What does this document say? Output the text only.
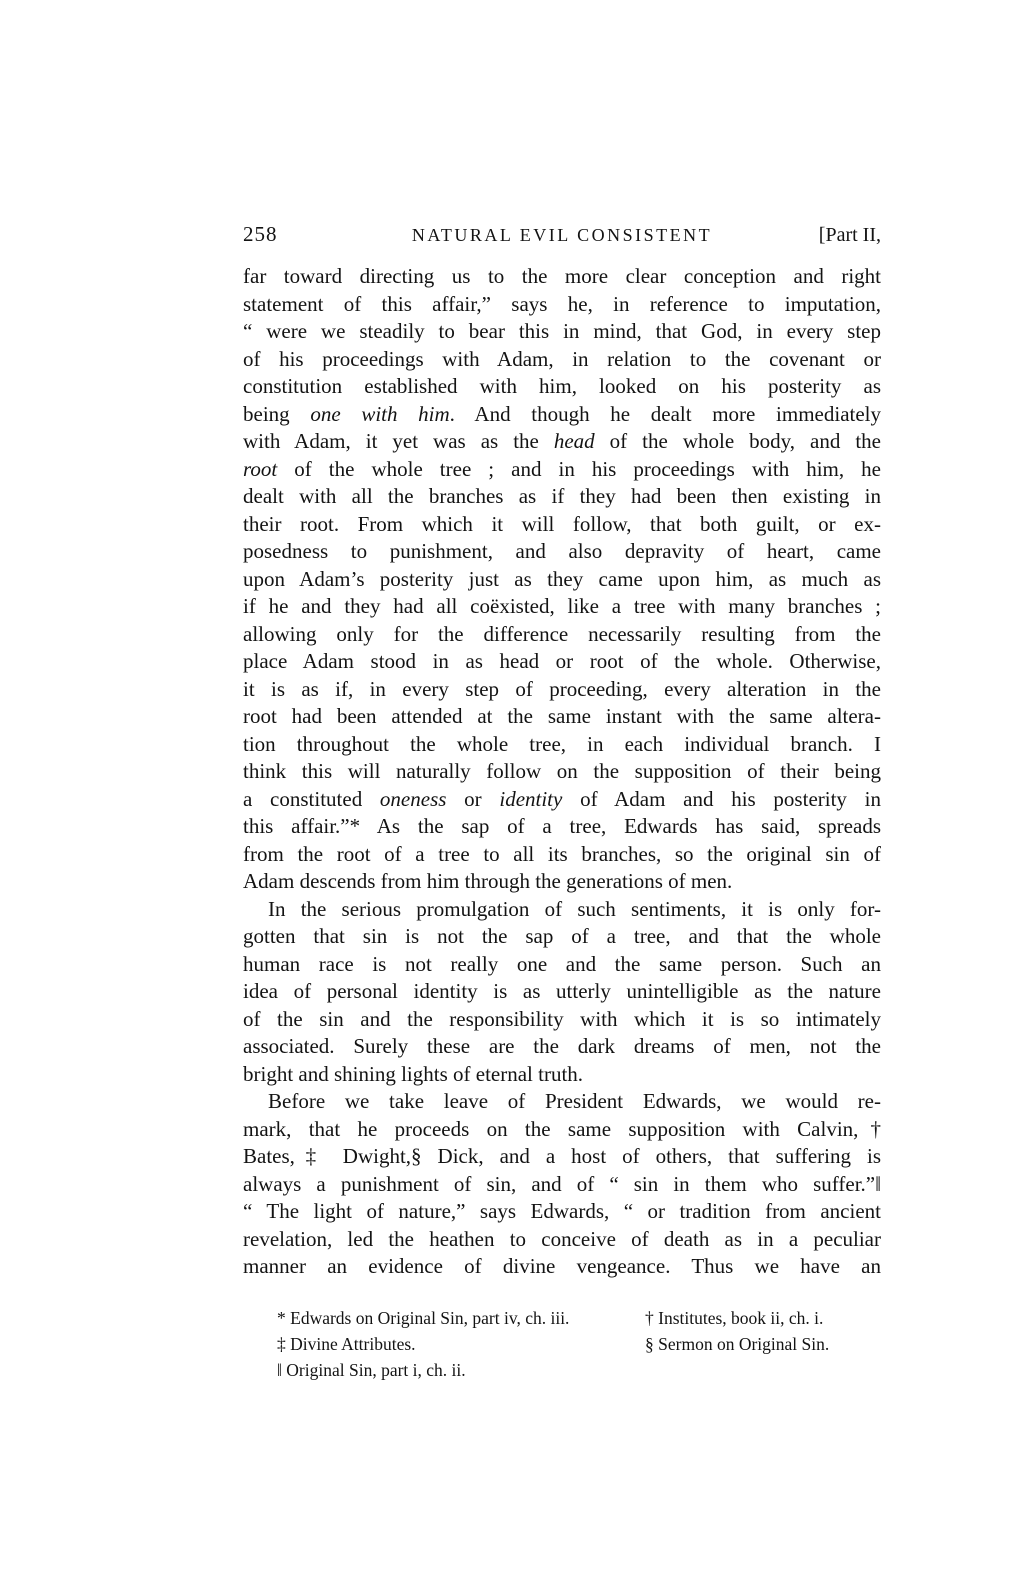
258	NATURAL EVIL CONSISTENT	[Part II,
far toward directing us to the more clear conception and right
statement of this affair,” says he, in reference to imputation,
“ were we steadily to bear this in mind, that God, in every step
of his proceedings with Adam, in relation to the covenant or
constitution established with him, looked on his posterity as
being one with him. And though he dealt more immediately
with Adam, it yet was as the head of the whole body, and the
root of the whole tree ; and in his proceedings with him, he
dealt with all the branches as if they had been then existing in
their root. From which it will follow, that both guilt, or ex-
posedness to punishment, and also depravity of heart, came
upon Adam’s posterity just as they came upon him, as much as
if he and they had all coëxisted, like a tree with many branches ;
allowing only for the difference necessarily resulting from the
place Adam stood in as head or root of the whole. Otherwise,
it is as if, in every step of proceeding, every alteration in the
root had been attended at the same instant with the same altera-
tion throughout the whole tree, in each individual branch. I
think this will naturally follow on the supposition of their being
a constituted oneness or identity of Adam and his posterity in
this affair.”* As the sap of a tree, Edwards has said, spreads
from the root of a tree to all its branches, so the original sin of
Adam descends from him through the generations of men.
In the serious promulgation of such sentiments, it is only for-
gotten that sin is not the sap of a tree, and that the whole
human race is not really one and the same person. Such an
idea of personal identity is as utterly unintelligible as the nature
of the sin and the responsibility with which it is so intimately
associated. Surely these are the dark dreams of men, not the
bright and shining lights of eternal truth.
Before we take leave of President Edwards, we would re-
mark, that he proceeds on the same supposition with Calvin,†
Bates,‡ Dwight,§ Dick, and a host of others, that suffering is
always a punishment of sin, and of “ sin in them who suffer.”‖
“ The light of nature,” says Edwards, “ or tradition from ancient
revelation, led the heathen to conceive of death as in a peculiar
manner an evidence of divine vengeance. Thus we have an
* Edwards on Original Sin, part iv, ch. iii.
‡ Divine Attributes.
‖ Original Sin, part i, ch. ii.
† Institutes, book ii, ch. i.
§ Sermon on Original Sin.
